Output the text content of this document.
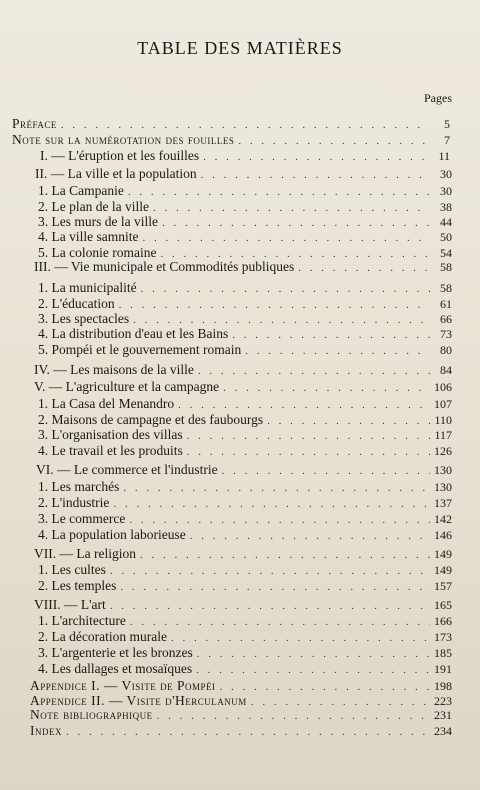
TABLE DES MATIÈRES
Pages
Préface . . .	5
Note sur la numérotation des fouilles . . .	7
I. — L'éruption et les fouilles . . .	11
II. — La ville et la population . . .	30
1. La Campanie . . .	30
2. Le plan de la ville . . .	38
3. Les murs de la ville . . .	44
4. La ville samnite . . .	50
5. La colonie romaine . . .	54
III. — Vie municipale et Commodités publiques . . .	58
1. La municipalité . . .	58
2. L'éducation . . .	61
3. Les spectacles . . .	66
4. La distribution d'eau et les Bains . . .	73
5. Pompéi et le gouvernement romain . . .	80
IV. — Les maisons de la ville . . .	84
V. — L'agriculture et la campagne . . .	106
1. La Casa del Menandro . . .	107
2. Maisons de campagne et des faubourgs . . .	110
3. L'organisation des villas . . .	117
4. Le travail et les produits . . .	126
VI. — Le commerce et l'industrie . . .	130
1. Les marchés . . .	130
2. L'industrie . . .	137
3. Le commerce . . .	142
4. La population laborieuse . . .	146
VII. — La religion . . .	149
1. Les cultes . . .	149
2. Les temples . . .	157
VIII. — L'art . . .	165
1. L'architecture . . .	166
2. La décoration murale . . .	173
3. L'argenterie et les bronzes . . .	185
4. Les dallages et mosaïques . . .	191
Appendice I. — Visite de Pompéi . . .	198
Appendice II. — Visite d'Herculanum . . .	223
Note bibliographique . . .	231
Index . . .	234
